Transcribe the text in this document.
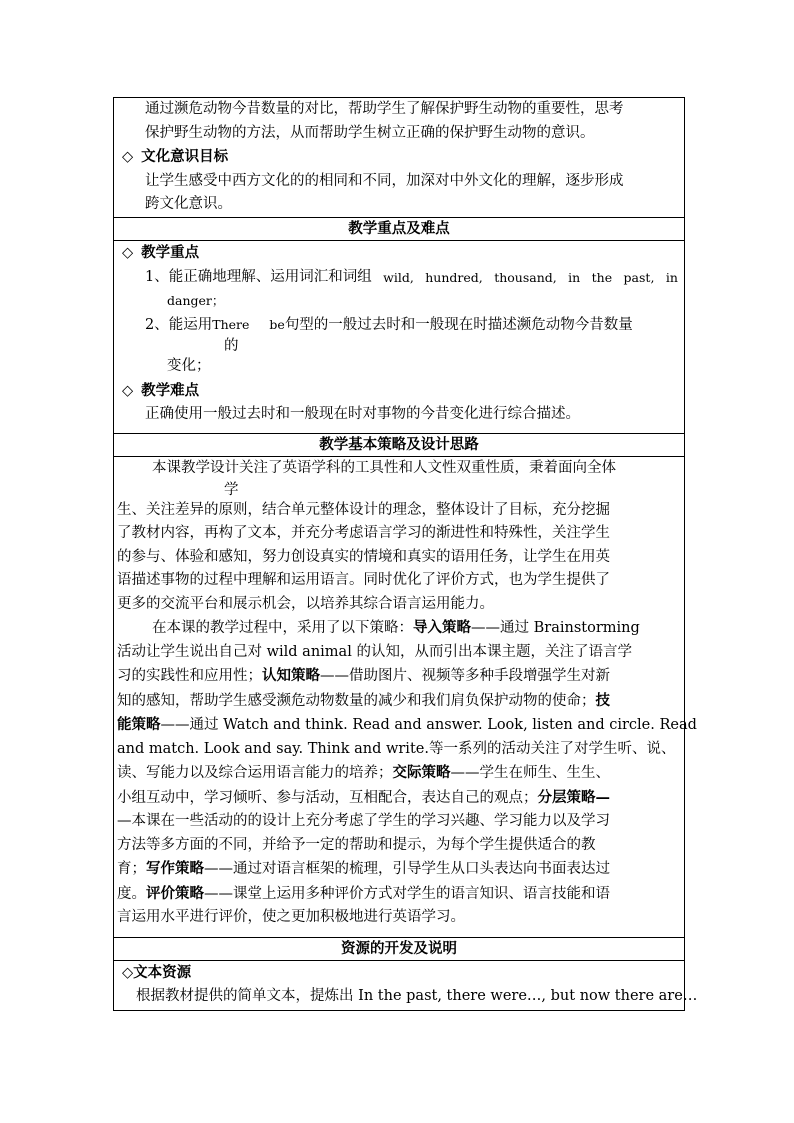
通过濒危动物今昔数量的对比，帮助学生了解保护野生动物的重要性，思考
保护野生动物的方法，从而帮助学生树立正确的保护野生动物的意识。
◇ 文化意识目标
让学生感受中西方文化的的相同和不同，加深对中外文化的理解，逐步形成
跨文化意识。
教学重点及难点
◇ 教学重点
1、能正确地理解、运用词汇和词组 wild, hundred, thousand, in the past, in
danger；
2、能运用There be句型的一般过去时和一般现在时描述濒危动物今昔数量
的
变化；
◇ 教学难点
正确使用一般过去时和一般现在时对事物的今昔变化进行综合描述。
教学基本策略及设计思路
本课教学设计关注了英语学科的工具性和人文性双重性质，秉着面向全体
学
生、关注差异的原则，结合单元整体设计的理念，整体设计了目标，充分挖掘
了教材内容，再构了文本，并充分考虑语言学习的渐进性和特殊性，关注学生
的参与、体验和感知，努力创设真实的情境和真实的语用任务，让学生在用英
语描述事物的过程中理解和运用语言。同时优化了评价方式，也为学生提供了
更多的交流平台和展示机会，以培养其综合语言运用能力。
在本课的教学过程中，采用了以下策略：导入策略——通过 Brainstorming
活动让学生说出自己对 wild animal 的认知，从而引出本课主题，关注了语言学
习的实践性和应用性；认知策略——借助图片、视频等多种手段增强学生对新
知的感知，帮助学生感受濒危动物数量的减少和我们肩负保护动物的使命；技
能策略——通过 Watch and think. Read and answer. Look, listen and circle. Read
and match. Look and say. Think and write.等一系列的活动关注了对学生听、说、
读、写能力以及综合运用语言能力的培养；交际策略——学生在师生、生生、
小组互动中，学习倾听、参与活动，互相配合，表达自己的观点；分层策略—
—本课在一些活动的的设计上充分考虑了学生的学习兴趣、学习能力以及学习
方法等多方面的不同，并给予一定的帮助和提示，为每个学生提供适合的教
育；写作策略——通过对语言框架的梳理，引导学生从口头表达向书面表达过
度。评价策略——课堂上运用多种评价方式对学生的语言知识、语言技能和语
言运用水平进行评价，使之更加积极地进行英语学习。
资源的开发及说明
◇文本资源
根据教材提供的简单文本，提炼出 In the past, there were…, but now there are…
